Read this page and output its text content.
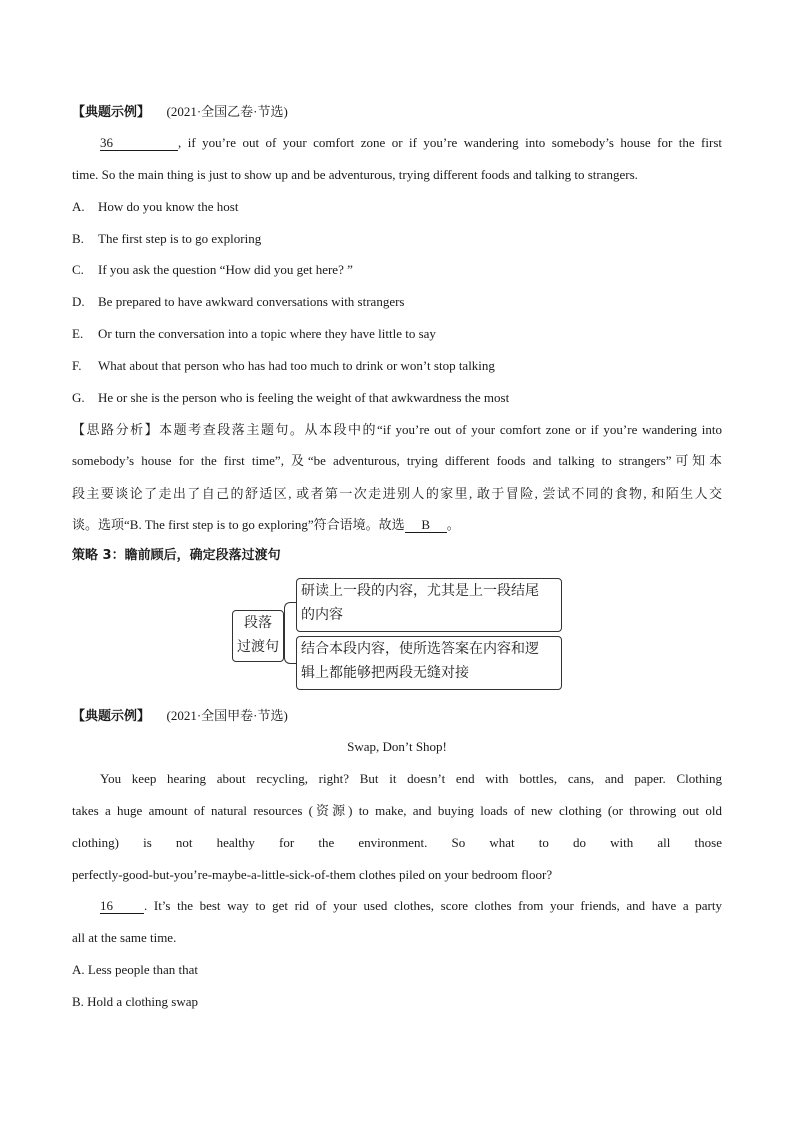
【典题示例】 (2021·全国乙卷·节选)
36	, if you’re out of your comfort zone or if you’re wandering into somebody’s house for the first
time. So the main thing is just to show up and be adventurous, trying different foods and talking to strangers.
A. How do you know the host
B. The first step is to go exploring
C. If you ask the question “How did you get here? ”
D. Be prepared to have awkward conversations with strangers
E. Or turn the conversation into a topic where they have little to say
F. What about that person who has had too much to drink or won’t stop talking
G. He or she is the person who is feeling the weight of that awkwardness the most
【思路分析】本题考查段落主题句。从本段中的“if you’re out of your comfort zone or if you’re wandering into
somebody’s house for the first time”, 及“be adventurous, trying different foods and talking to strangers”可知本
段主要谈论了走出了自己的舒适区, 或者第一次走进别人的家里, 敢于冒险, 尝试不同的食物, 和陌生人交
谈。选项“B. The first step is to go exploring”符合语境。故选 B 。
策略 3：瞻前顾后，确定段落过渡句
段落
过渡句
研读上一段的内容，尤其是上一段结尾
的内容
结合本段内容，使所选答案在内容和逻
辑上都能够把两段无缝对接
【典题示例】 (2021·全国甲卷·节选)
Swap, Don’t Shop!
You keep hearing about recycling, right? But it doesn’t end with bottles, cans, and paper. Clothing
takes a huge amount of natural resources (资源) to make, and buying loads of new clothing (or throwing out old
clothing) is not healthy for the environment. So what to do with all those
perfectly-good-but-you’re-maybe-a-little-sick-of-them clothes piled on your bedroom floor?
16 . It’s the best way to get rid of your used clothes, score clothes from your friends, and have a party
all at the same time.
A. Less people than that
B. Hold a clothing swap
